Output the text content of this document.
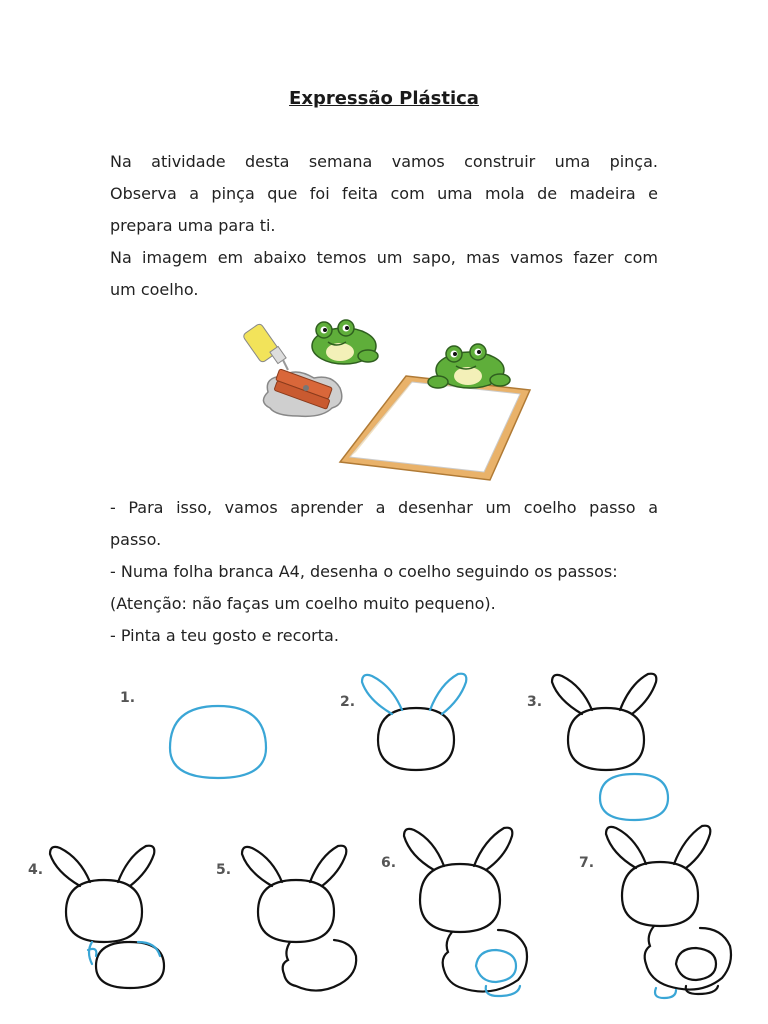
Expressão Plástica
Na atividade desta semana vamos construir uma pinça.
Observa a pinça que foi feita com uma mola de madeira e
prepara uma para ti.
Na imagem em abaixo temos um sapo, mas vamos fazer com
um coelho.
- Para isso, vamos aprender a desenhar um coelho passo a
passo.
- Numa folha branca A4, desenha o coelho seguindo os passos:
(Atenção: não faças um coelho muito pequeno).
- Pinta a teu gosto e recorta.
1.	2.	3.
4.	5.	6.	7.
